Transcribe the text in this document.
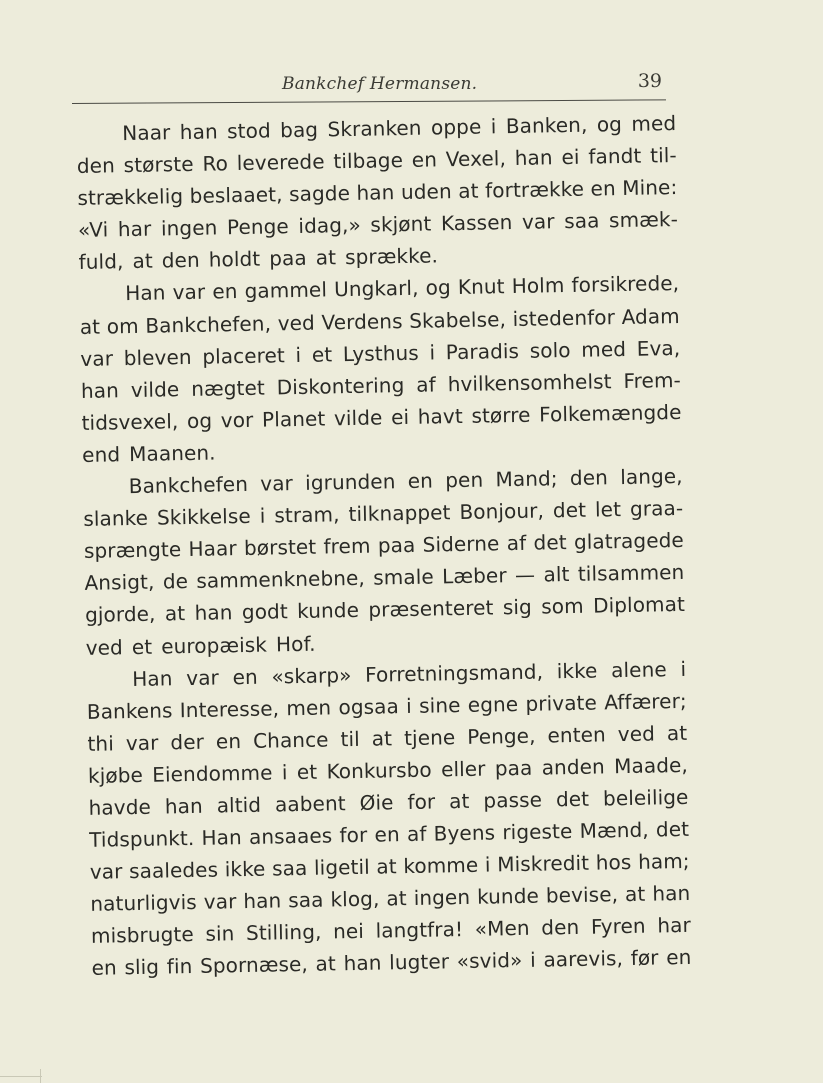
Bankchef Hermansen.	39
Naar han stod bag Skranken oppe i Banken, og med
den største Ro leverede tilbage en Vexel, han ei fandt til-
strækkelig beslaaet, sagde han uden at fortrække en Mine:
«Vi har ingen Penge idag,» skjønt Kassen var saa smæk-
fuld, at den holdt paa at sprække.
Han var en gammel Ungkarl, og Knut Holm forsikrede,
at om Bankchefen, ved Verdens Skabelse, istedenfor Adam
var bleven placeret i et Lysthus i Paradis solo med Eva,
han vilde nægtet Diskontering af hvilkensomhelst Frem-
tidsvexel, og vor Planet vilde ei havt større Folkemængde
end Maanen.
Bankchefen var igrunden en pen Mand; den lange,
slanke Skikkelse i stram, tilknappet Bonjour, det let graa-
sprængte Haar børstet frem paa Siderne af det glatragede
Ansigt, de sammenknebne, smale Læber — alt tilsammen
gjorde, at han godt kunde præsenteret sig som Diplomat
ved et europæisk Hof.
Han var en «skarp» Forretningsmand, ikke alene i
Bankens Interesse, men ogsaa i sine egne private Affærer;
thi var der en Chance til at tjene Penge, enten ved at
kjøbe Eiendomme i et Konkursbo eller paa anden Maade,
havde han altid aabent Øie for at passe det beleilige
Tidspunkt. Han ansaaes for en af Byens rigeste Mænd, det
var saaledes ikke saa ligetil at komme i Miskredit hos ham;
naturligvis var han saa klog, at ingen kunde bevise, at han
misbrugte sin Stilling, nei langtfra! «Men den Fyren har
en slig fin Spornæse, at han lugter «svid» i aarevis, før en
